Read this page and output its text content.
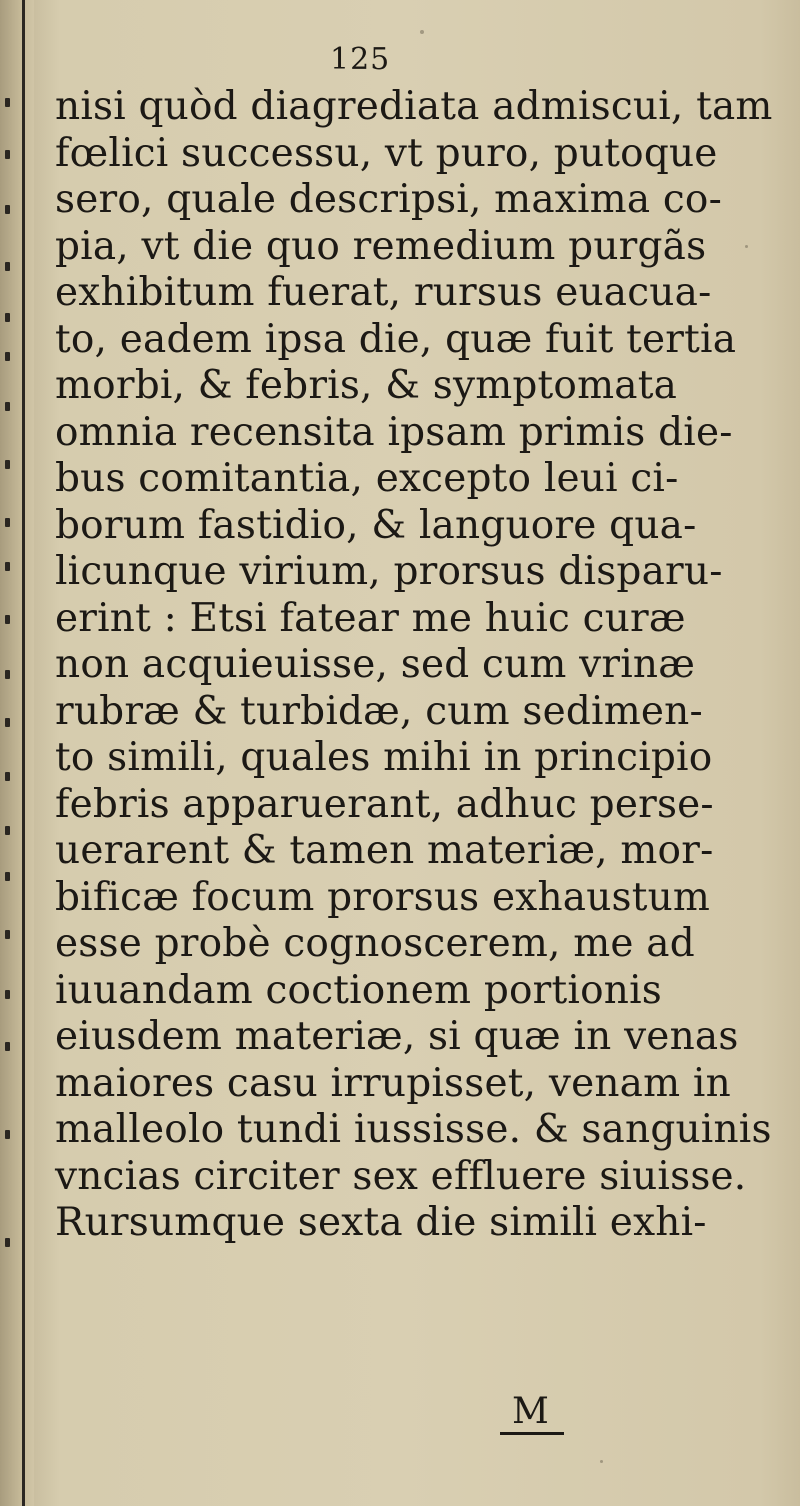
125
nisi quòd diagrediata admiscui, tam
fœlici successu, vt puro, putoque
sero, quale descripsi, maxima co-
pia, vt die quo remedium purgãs
exhibitum fuerat, rursus euacua-
to, eadem ipsa die, quæ fuit tertia
morbi, & febris, & symptomata
omnia recensita ipsam primis die-
bus comitantia, excepto leui ci-
borum fastidio, & languore qua-
licunque virium, prorsus disparu-
erint : Etsi fatear me huic curæ
non acquieuisse, sed cum vrinæ
rubræ & turbidæ, cum sedimen-
to simili, quales mihi in principio
febris apparuerant, adhuc perse-
uerarent & tamen materiæ, mor-
bificæ focum prorsus exhaustum
esse probè cognoscerem, me ad
iuuandam coctionem portionis
eiusdem materiæ, si quæ in venas
maiores casu irrupisset, venam in
malleolo tundi iussisse. & sanguinis
vncias circiter sex effluere siuisse.
Rursumque sexta die simili exhi-
M
